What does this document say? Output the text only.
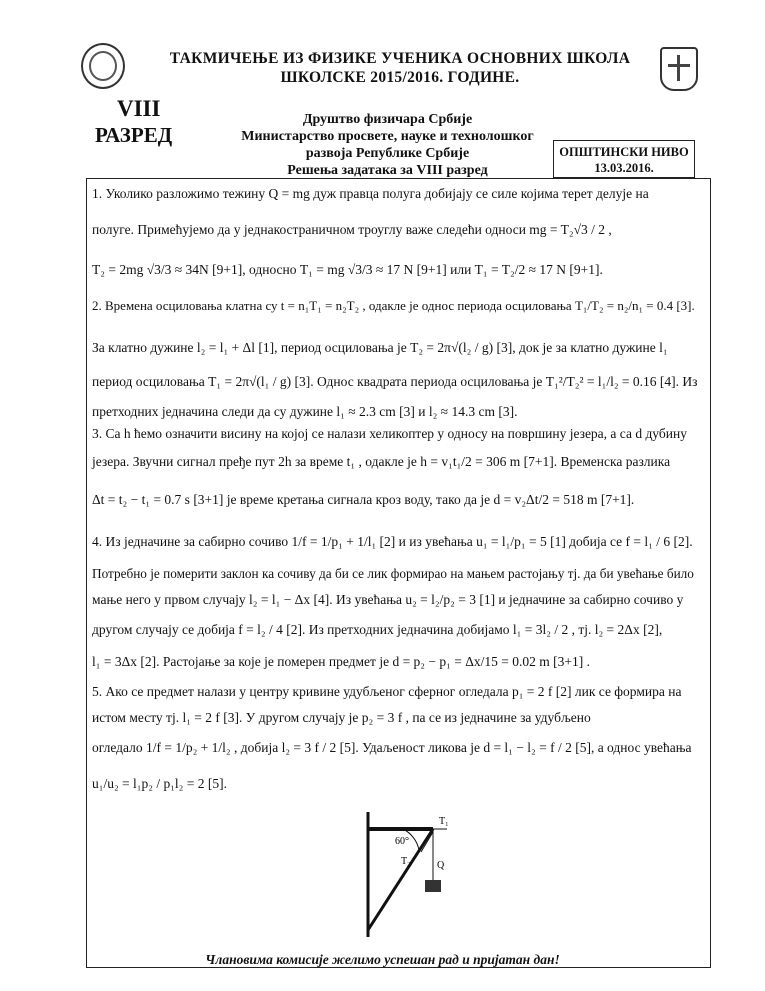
ТАКМИЧЕЊЕ ИЗ ФИЗИКЕ УЧЕНИКА ОСНОВНИХ ШКОЛА
ШКОЛСКЕ 2015/2016. ГОДИНЕ.
VIII
РАЗРЕД
Друштво физичара Србије
Министарство просвете, науке и технолошког
развоја Републике Србије
Решења задатака за VIII разред
ОПШТИНСКИ НИВО
13.03.2016.
1. Уколико разложимо тежину Q = mg дуж правца полуга добијају се силе којима терет делује на
полуге. Примећујемо да у једнакостраничном троуглу важе следећи односи mg = T₂√3 / 2 ,
T₂ = 2mg √3/3 ≈ 34N [9+1], односно T₁ = mg √3/3 ≈ 17 N [9+1] или T₁ = T₂/2 ≈ 17 N [9+1].
2. Времена осциловања клатна су t = n₁T₁ = n₂T₂ , одакле је однос периода осциловања T₁/T₂ = n₂/n₁ = 0.4 [3].
За клатно дужине l₂ = l₁ + Δl [1], период осциловања је T₂ = 2π√(l₂ / g) [3], док је за клатно дужине l₁
период осциловања T₁ = 2π√(l₁ / g) [3]. Однос квадрата периода осциловања је T₁²/T₂² = l₁/l₂ = 0.16 [4]. Из
претходних једначина следи да су дужине l₁ ≈ 2.3 cm [3] и l₂ ≈ 14.3 cm [3].
3. Са h ћемо означити висину на којој се налази хеликоптер у односу на површину језера, а са d дубину
језера. Звучни сигнал пређе пут 2h за време t₁ , одакле је h = v₁t₁/2 = 306 m [7+1]. Временска разлика
Δt = t₂ − t₁ = 0.7 s [3+1] је време кретања сигнала кроз воду, тако да је d = v₂Δt/2 = 518 m [7+1].
4. Из једначине за сабирно сочиво 1/f = 1/p₁ + 1/l₁ [2] и из увећања u₁ = l₁/p₁ = 5 [1] добија се f = l₁ / 6 [2].
Потребно је померити заклон ка сочиву да би се лик формирао на мањем растојању тј. да би увећање било
мање него у првом случају l₂ = l₁ − Δx [4]. Из увећања u₂ = l₂/p₂ = 3 [1] и једначине за сабирно сочиво у
другом случају се добија f = l₂ / 4 [2]. Из претходних једначина добијамо l₁ = 3l₂ / 2 , тј. l₂ = 2Δx [2],
l₁ = 3Δx [2]. Растојање за које је померен предмет је d = p₂ − p₁ = Δx/15 = 0.02 m [3+1] .
5. Ако се предмет налази у центру кривине удубљеног сферног огледала p₁ = 2 f [2] лик се формира на
истом месту тј. l₁ = 2 f [3]. У другом случају је p₂ = 3 f , па се из једначине за удубљено
огледало 1/f = 1/p₂ + 1/l₂ , добија l₂ = 3 f / 2 [5]. Удаљеност ликова је d = l₁ − l₂ = f / 2 [5], а однос увећања
u₁/u₂ = l₁p₂ / p₁l₂ = 2 [5].
60°
T₁
T₂	Q
Члановима комисије желимо успешан рад и пријатан дан!
